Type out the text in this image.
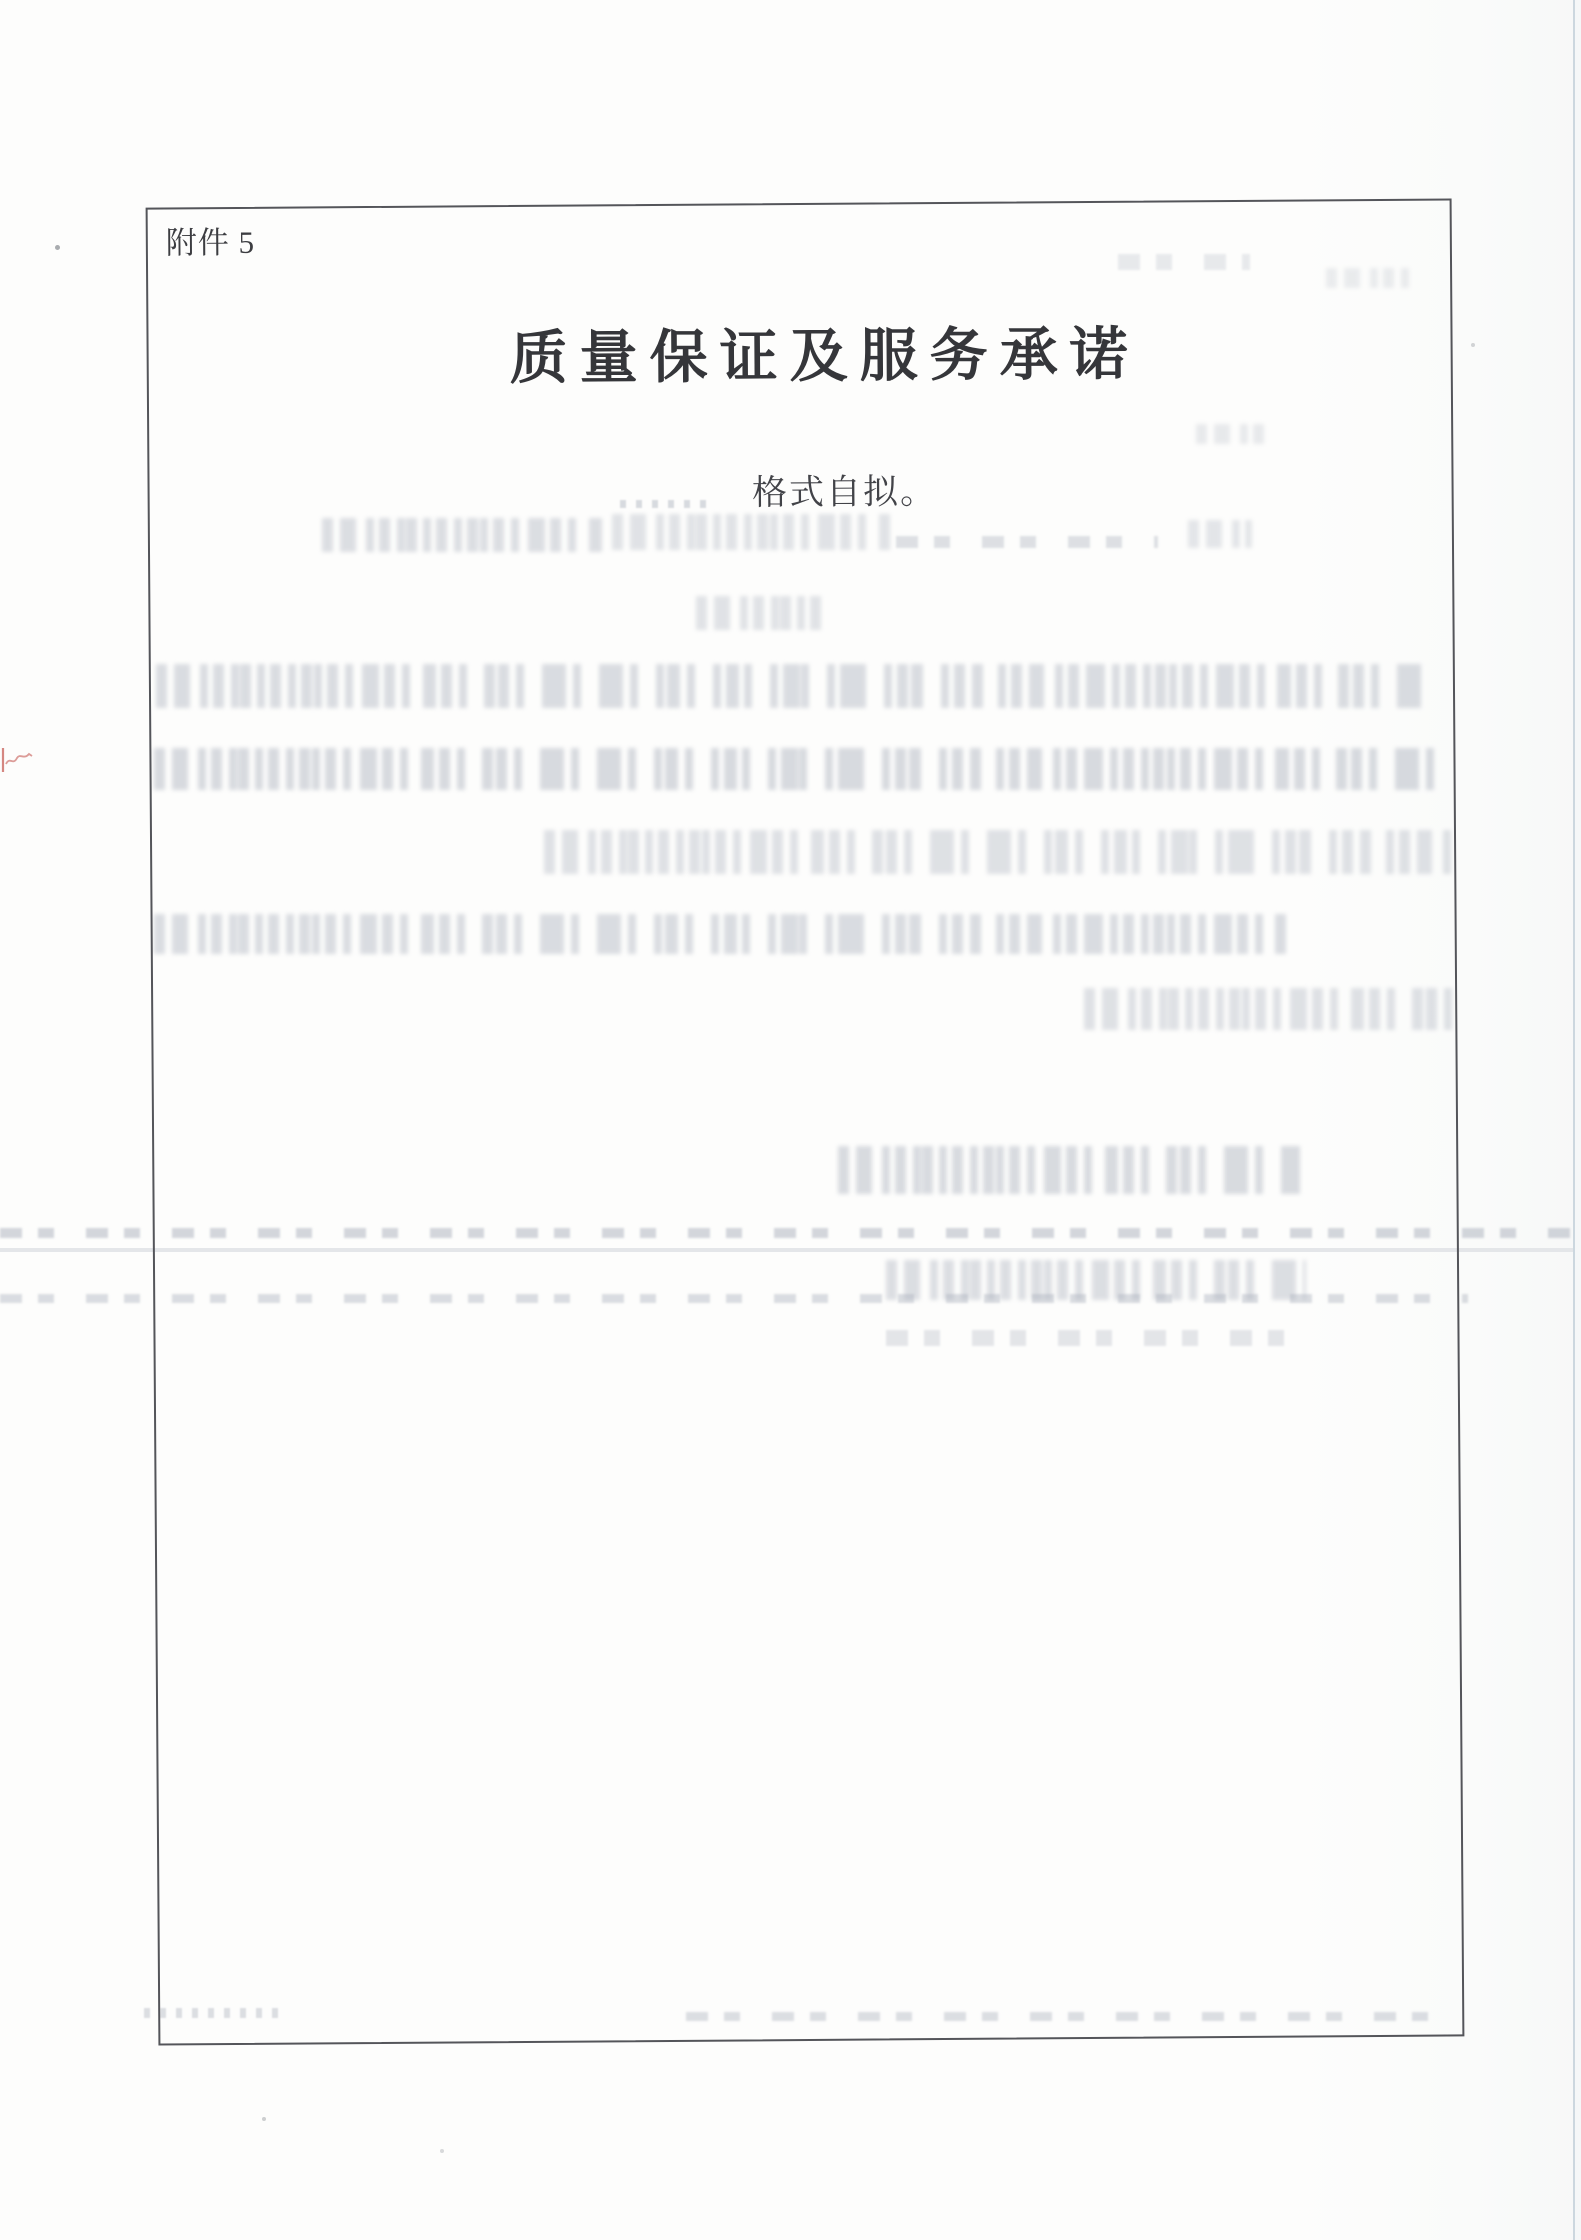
附件 5
质量保证及服务承诺
格式自拟。
